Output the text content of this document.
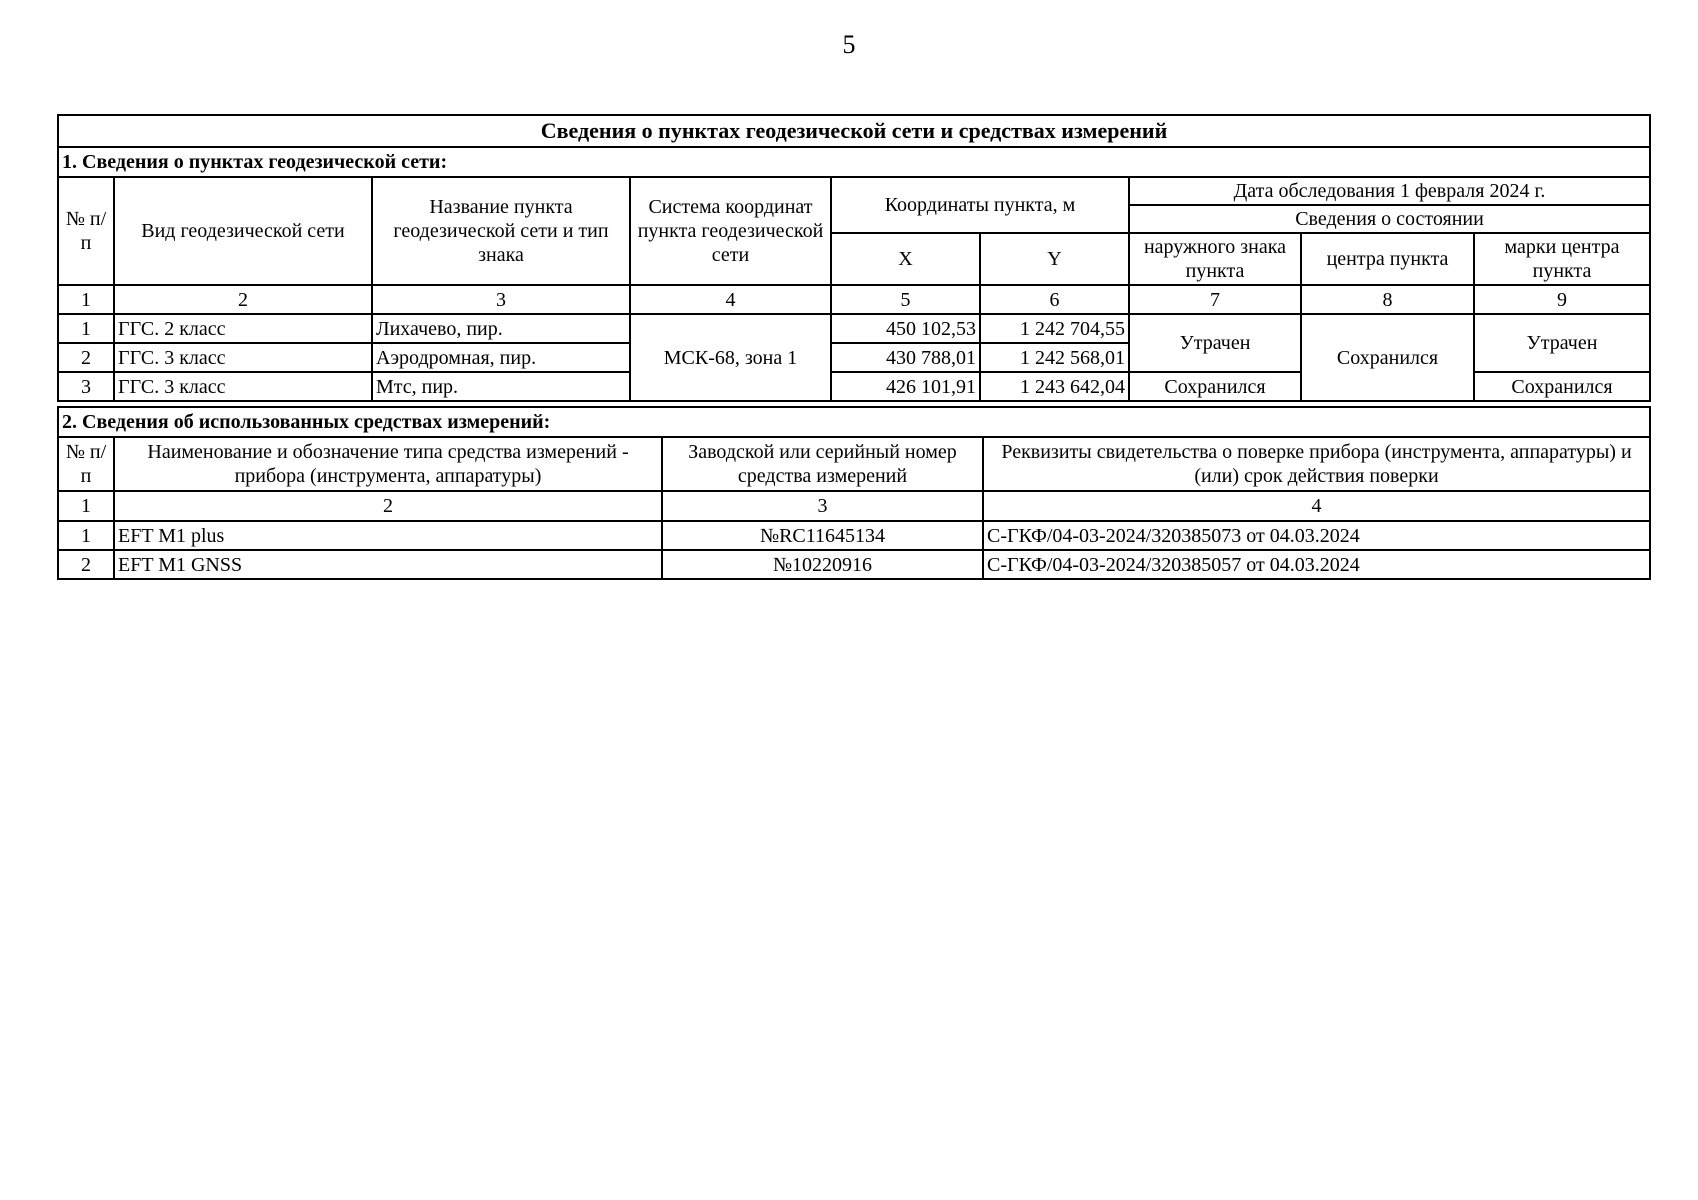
5
Сведения о пунктах геодезической сети и средствах измерений								
1. Сведения о пунктах геодезической сети:								
№ п/п	Вид геодезической сети	Название пункта геодезической сети и тип знака	Система координат пункта геодезической сети	Координаты пункта, м		Дата обследования 1 февраля 2024 г.		
						Сведения о состоянии		
				X	Y	наружного знака пункта	центра пункта	марки центра пункта
1	2	3	4	5	6	7	8	9
1	ГГС. 2 класс	Лихачево, пир.	МСК-68, зона 1	450 102,53	1 242 704,55	Утрачен	Сохранился	Утрачен
2	ГГС. 3 класс	Аэродромная, пир.		430 788,01	1 242 568,01			
3	ГГС. 3 класс	Мтс, пир.		426 101,91	1 243 642,04	Сохранился		Сохранился
2. Сведения об использованных средствах измерений:			
№ п/п	Наименование и обозначение типа средства измерений - прибора (инструмента, аппаратуры)	Заводской или серийный номер средства измерений	Реквизиты свидетельства о поверке прибора (инструмента, аппаратуры) и (или) срок действия поверки
1	2	3	4
1	EFT M1 plus	№RC11645134	С-ГКФ/04-03-2024/320385073 от 04.03.2024
2	EFT M1 GNSS	№10220916	С-ГКФ/04-03-2024/320385057 от 04.03.2024
